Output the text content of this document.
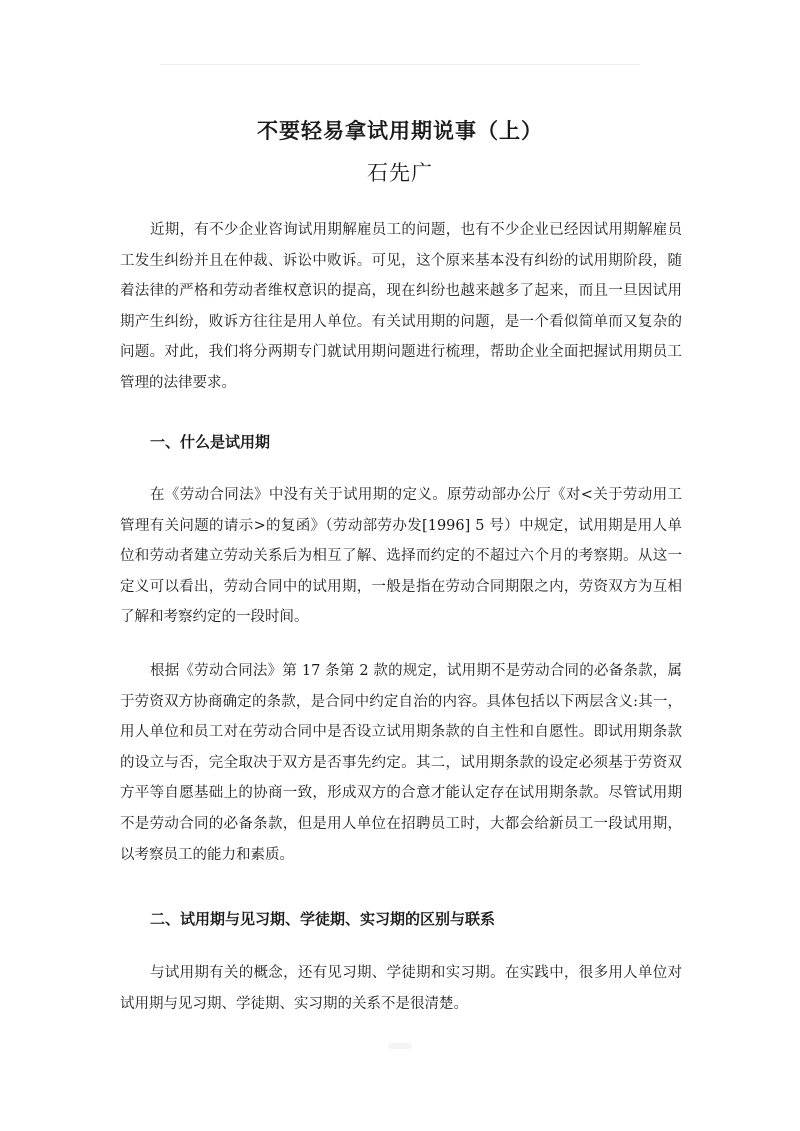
不要轻易拿试用期说事（上）
石先广

近期，有不少企业咨询试用期解雇员工的问题，也有不少企业已经因试用期解雇员工发生纠纷并且在仲裁、诉讼中败诉。可见，这个原来基本没有纠纷的试用期阶段，随着法律的严格和劳动者维权意识的提高，现在纠纷也越来越多了起来，而且一旦因试用期产生纠纷，败诉方往往是用人单位。有关试用期的问题，是一个看似简单而又复杂的问题。对此，我们将分两期专门就试用期问题进行梳理，帮助企业全面把握试用期员工管理的法律要求。

一、什么是试用期

在《劳动合同法》中没有关于试用期的定义。原劳动部办公厅《对<关于劳动用工管理有关问题的请示>的复函》（劳动部劳办发[1996] 5 号）中规定，试用期是用人单位和劳动者建立劳动关系后为相互了解、选择而约定的不超过六个月的考察期。从这一定义可以看出，劳动合同中的试用期，一般是指在劳动合同期限之内，劳资双方为互相了解和考察约定的一段时间。

根据《劳动合同法》第 17 条第 2 款的规定，试用期不是劳动合同的必备条款，属于劳资双方协商确定的条款，是合同中约定自治的内容。具体包括以下两层含义:其一，用人单位和员工对在劳动合同中是否设立试用期条款的自主性和自愿性。即试用期条款的设立与否，完全取决于双方是否事先约定。其二，试用期条款的设定必须基于劳资双方平等自愿基础上的协商一致，形成双方的合意才能认定存在试用期条款。尽管试用期不是劳动合同的必备条款，但是用人单位在招聘员工时，大都会给新员工一段试用期，以考察员工的能力和素质。

二、试用期与见习期、学徒期、实习期的区别与联系

与试用期有关的概念，还有见习期、学徒期和实习期。在实践中，很多用人单位对试用期与见习期、学徒期、实习期的关系不是很清楚。
